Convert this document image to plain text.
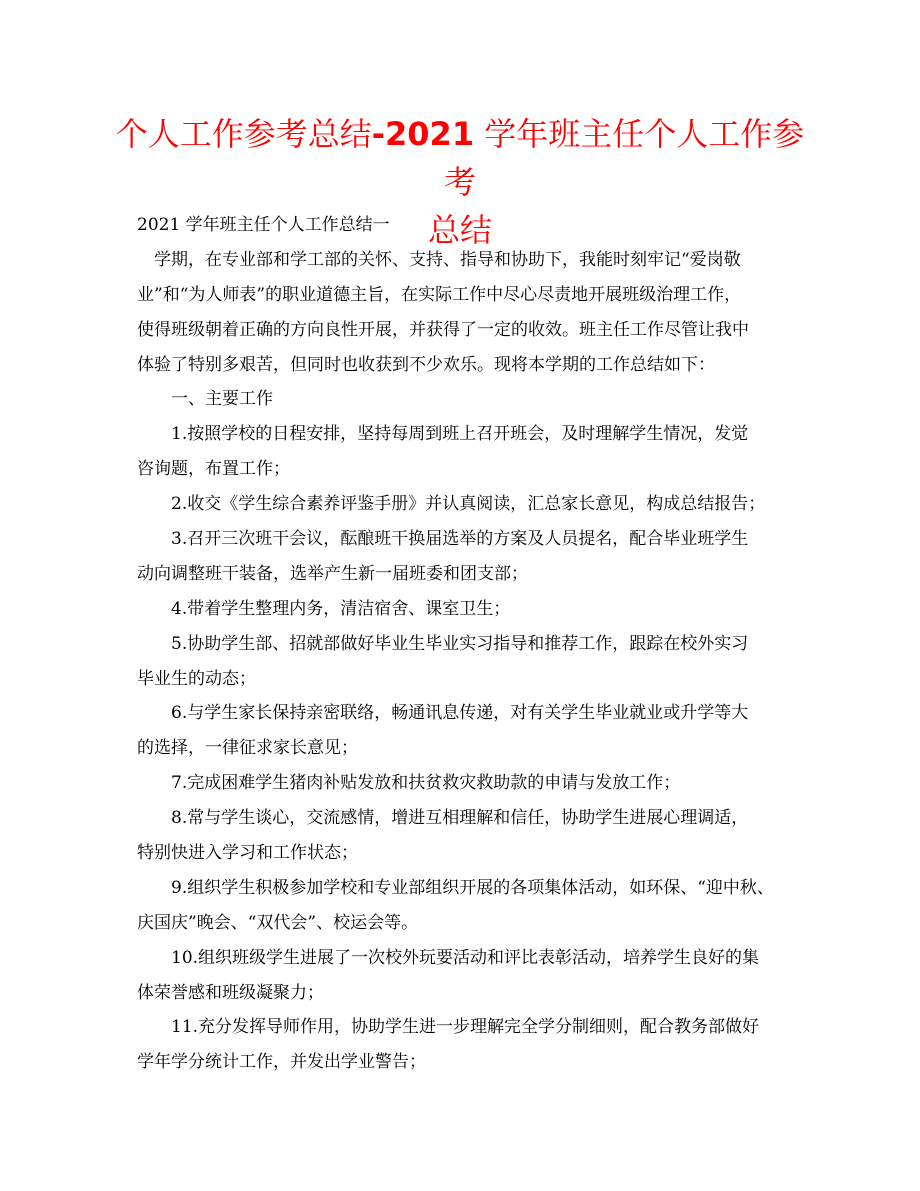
个人工作参考总结-2021 学年班主任个人工作参考
总结
2021 学年班主任个人工作总结一
学期，在专业部和学工部的关怀、支持、指导和协助下，我能时刻牢记“爱岗敬
业”和“为人师表”的职业道德主旨，在实际工作中尽心尽责地开展班级治理工作，
使得班级朝着正确的方向良性开展，并获得了一定的收效。班主任工作尽管让我中
体验了特别多艰苦，但同时也收获到不少欢乐。现将本学期的工作总结如下：
一、主要工作
1.按照学校的日程安排，坚持每周到班上召开班会，及时理解学生情况，发觉
咨询题，布置工作；
2.收交《学生综合素养评鉴手册》并认真阅读，汇总家长意见，构成总结报告；
3.召开三次班干会议，酝酿班干换届选举的方案及人员提名，配合毕业班学生
动向调整班干装备，选举产生新一届班委和团支部；
4.带着学生整理内务，清洁宿舍、课室卫生；
5.协助学生部、招就部做好毕业生毕业实习指导和推荐工作，跟踪在校外实习
毕业生的动态；
6.与学生家长保持亲密联络，畅通讯息传递，对有关学生毕业就业或升学等大
的选择，一律征求家长意见；
7.完成困难学生猪肉补贴发放和扶贫救灾救助款的申请与发放工作；
8.常与学生谈心，交流感情，增进互相理解和信任，协助学生进展心理调适，
特别快进入学习和工作状态；
9.组织学生积极参加学校和专业部组织开展的各项集体活动，如环保、“迎中秋、
庆国庆”晚会、“双代会”、校运会等。
10.组织班级学生进展了一次校外玩要活动和评比表彰活动，培养学生良好的集
体荣誉感和班级凝聚力；
11.充分发挥导师作用，协助学生进一步理解完全学分制细则，配合教务部做好
学年学分统计工作，并发出学业警告；
